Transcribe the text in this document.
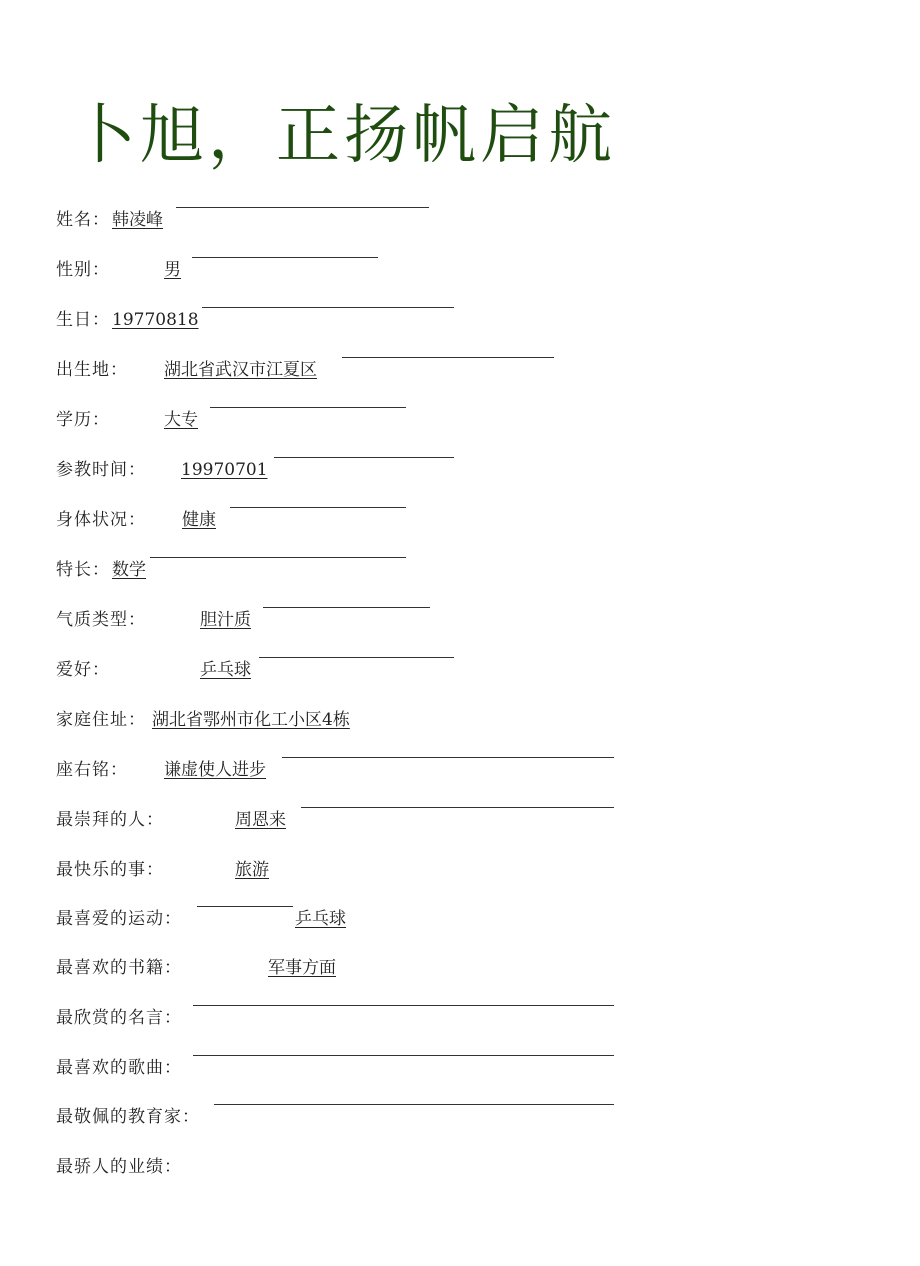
卜旭，正扬帆启航
姓名： 韩凌峰
性别：	男
生日： 19770818
出生地： 湖北省武汉市江夏区
学历：	大专
参教时间： 19970701
身体状况： 健康
特长： 数学
气质类型：	胆汁质
爱好：	乒乓球
家庭住址： 湖北省鄂州市化工小区4栋
座右铭： 谦虚使人进步
最崇拜的人：	周恩来
最快乐的事：	旅游
最喜爱的运动：	乒乓球
最喜欢的书籍：	军事方面
最欣赏的名言：
最喜欢的歌曲：
最敬佩的教育家：
最骄人的业绩：
